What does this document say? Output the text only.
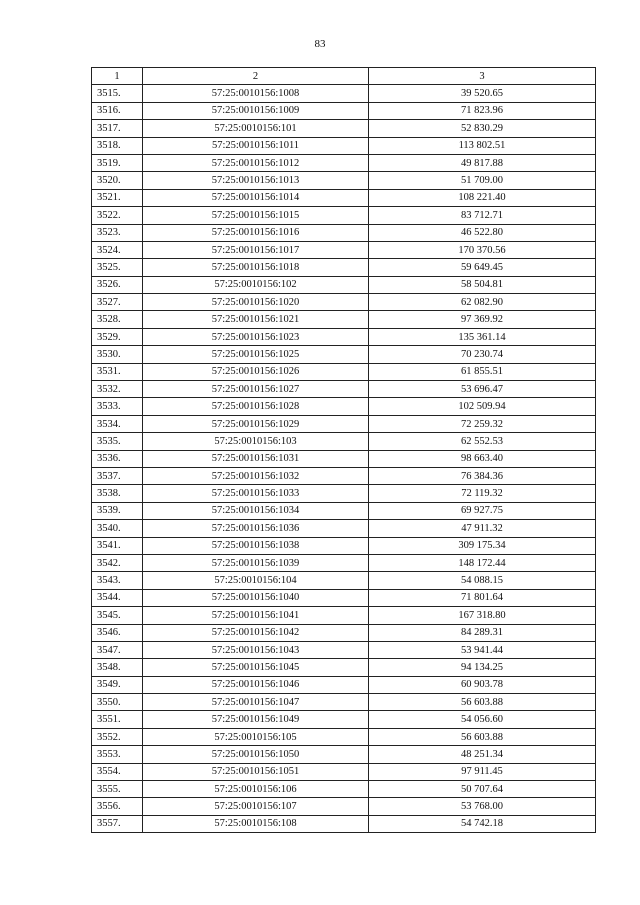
83
1	2	3
3515.	57:25:0010156:1008	39 520.65
3516.	57:25:0010156:1009	71 823.96
3517.	57:25:0010156:101	52 830.29
3518.	57:25:0010156:1011	113 802.51
3519.	57:25:0010156:1012	49 817.88
3520.	57:25:0010156:1013	51 709.00
3521.	57:25:0010156:1014	108 221.40
3522.	57:25:0010156:1015	83 712.71
3523.	57:25:0010156:1016	46 522.80
3524.	57:25:0010156:1017	170 370.56
3525.	57:25:0010156:1018	59 649.45
3526.	57:25:0010156:102	58 504.81
3527.	57:25:0010156:1020	62 082.90
3528.	57:25:0010156:1021	97 369.92
3529.	57:25:0010156:1023	135 361.14
3530.	57:25:0010156:1025	70 230.74
3531.	57:25:0010156:1026	61 855.51
3532.	57:25:0010156:1027	53 696.47
3533.	57:25:0010156:1028	102 509.94
3534.	57:25:0010156:1029	72 259.32
3535.	57:25:0010156:103	62 552.53
3536.	57:25:0010156:1031	98 663.40
3537.	57:25:0010156:1032	76 384.36
3538.	57:25:0010156:1033	72 119.32
3539.	57:25:0010156:1034	69 927.75
3540.	57:25:0010156:1036	47 911.32
3541.	57:25:0010156:1038	309 175.34
3542.	57:25:0010156:1039	148 172.44
3543.	57:25:0010156:104	54 088.15
3544.	57:25:0010156:1040	71 801.64
3545.	57:25:0010156:1041	167 318.80
3546.	57:25:0010156:1042	84 289.31
3547.	57:25:0010156:1043	53 941.44
3548.	57:25:0010156:1045	94 134.25
3549.	57:25:0010156:1046	60 903.78
3550.	57:25:0010156:1047	56 603.88
3551.	57:25:0010156:1049	54 056.60
3552.	57:25:0010156:105	56 603.88
3553.	57:25:0010156:1050	48 251.34
3554.	57:25:0010156:1051	97 911.45
3555.	57:25:0010156:106	50 707.64
3556.	57:25:0010156:107	53 768.00
3557.	57:25:0010156:108	54 742.18
